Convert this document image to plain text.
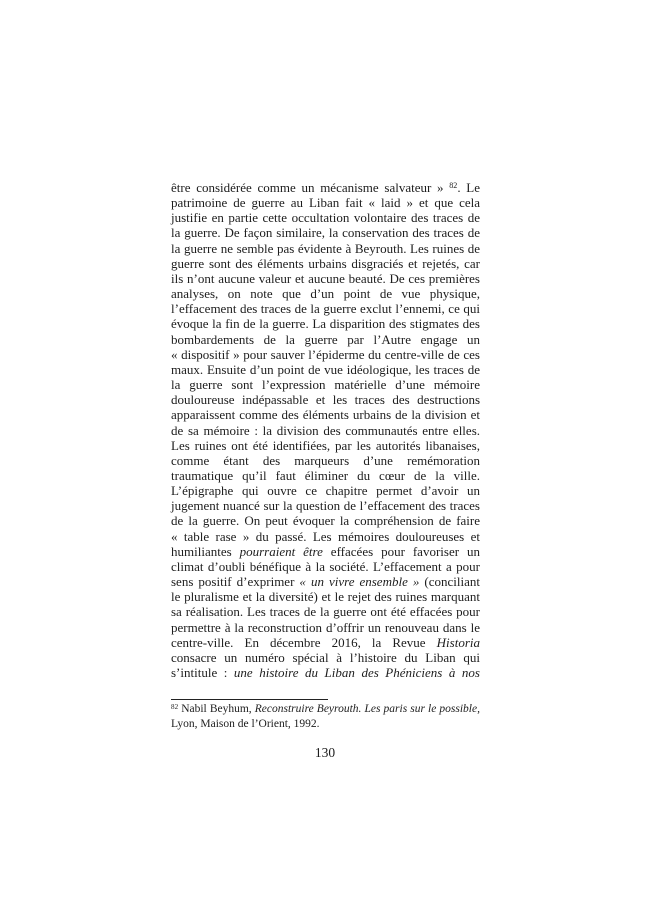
être considérée comme un mécanisme salvateur » $^{82}$. Le
patrimoine de guerre au Liban fait « laid » et que cela
justifie en partie cette occultation volontaire des traces de
la guerre. De façon similaire, la conservation des traces de
la guerre ne semble pas évidente à Beyrouth. Les ruines de
guerre sont des éléments urbains disgraciés et rejetés, car
ils n’ont aucune valeur et aucune beauté. De ces premières
analyses, on note que d’un point de vue physique,
l’effacement des traces de la guerre exclut l’ennemi, ce qui
évoque la fin de la guerre. La disparition des stigmates des
bombardements de la guerre par l’Autre engage un
« dispositif » pour sauver l’épiderme du centre-ville de ces
maux. Ensuite d’un point de vue idéologique, les traces de
la guerre sont l’expression matérielle d’une mémoire
douloureuse indépassable et les traces des destructions
apparaissent comme des éléments urbains de la division et
de sa mémoire : la division des communautés entre elles.
Les ruines ont été identifiées, par les autorités libanaises,
comme étant des marqueurs d’une remémoration
traumatique qu’il faut éliminer du cœur de la ville.
L’épigraphe qui ouvre ce chapitre permet d’avoir un
jugement nuancé sur la question de l’effacement des traces
de la guerre. On peut évoquer la compréhension de faire
« table rase » du passé. Les mémoires douloureuses et
humiliantes pourraient être effacées pour favoriser un
climat d’oubli bénéfique à la société. L’effacement a pour
sens positif d’exprimer « un vivre ensemble » (conciliant
le pluralisme et la diversité) et le rejet des ruines marquant
sa réalisation. Les traces de la guerre ont été effacées pour
permettre à la reconstruction d’offrir un renouveau dans le
centre-ville. En décembre 2016, la Revue Historia
consacre un numéro spécial à l’histoire du Liban qui
s’intitule : une histoire du Liban des Phéniciens à nos
$^{82}$ Nabil Beyhum, Reconstruire Beyrouth. Les paris sur le possible,
Lyon, Maison de l’Orient, 1992.
130
